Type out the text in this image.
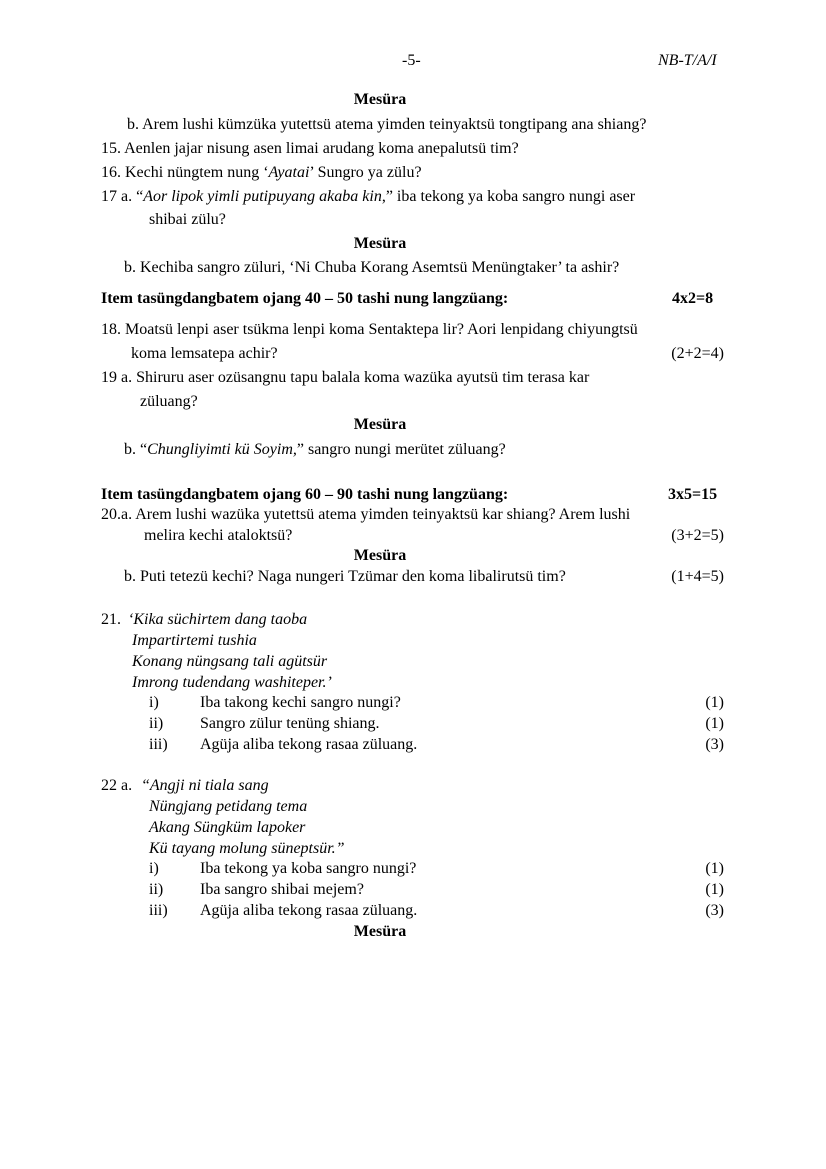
-5-	NB-T/A/I
Mesüra
b. Arem lushi kümzüka yutettsü atema yimden teinyaktsü tongtipang ana shiang?
15. Aenlen jajar nisung asen limai arudang koma anepalutsü tim?
16. Kechi nüngtem nung ‘Ayatai’ Sungro ya zülu?
17 a. “Aor lipok yimli putipuyang akaba kin,” iba tekong ya koba sangro nungi aser
shibai zülu?
Mesüra
b. Kechiba sangro züluri, ‘Ni Chuba Korang Asemtsü Menüngtaker’ ta ashir?
Item tasüngdangbatem ojang 40 – 50 tashi nung langzüang:	4x2=8
18. Moatsü lenpi aser tsükma lenpi koma Sentaktepa lir? Aori lenpidang chiyungtsü
koma lemsatepa achir?	(2+2=4)
19 a. Shiruru aser ozüsangnu tapu balala koma wazüka ayutsü tim terasa kar
züluang?
Mesüra
b. “Chungliyimti kü Soyim,” sangro nungi merütet züluang?
Item tasüngdangbatem ojang 60 – 90 tashi nung langzüang:	3x5=15
20.a. Arem lushi wazüka yutettsü atema yimden teinyaktsü kar shiang? Arem lushi
melira kechi ataloktsü?	(3+2=5)
Mesüra
b. Puti tetezü kechi? Naga nungeri Tzümar den koma libalirutsü tim?	(1+4=5)
21. ‘Kika süchirtem dang taoba
Impartirtemi tushia
Konang nüngsang tali agütsür
Imrong tudendang washiteper.’
i)	Iba takong kechi sangro nungi?	(1)
ii) Sangro zülur tenüng shiang.	(1)
iii) Agüja aliba tekong rasaa züluang.	(3)
22 a. “Angji ni tiala sang
Nüngjang petidang tema
Akang Süngküm lapoker
Kü tayang molung süneptsür.”
i)	Iba tekong ya koba sangro nungi?	(1)
ii) Iba sangro shibai mejem?	(1)
iii) Agüja aliba tekong rasaa züluang.	(3)
Mesüra
